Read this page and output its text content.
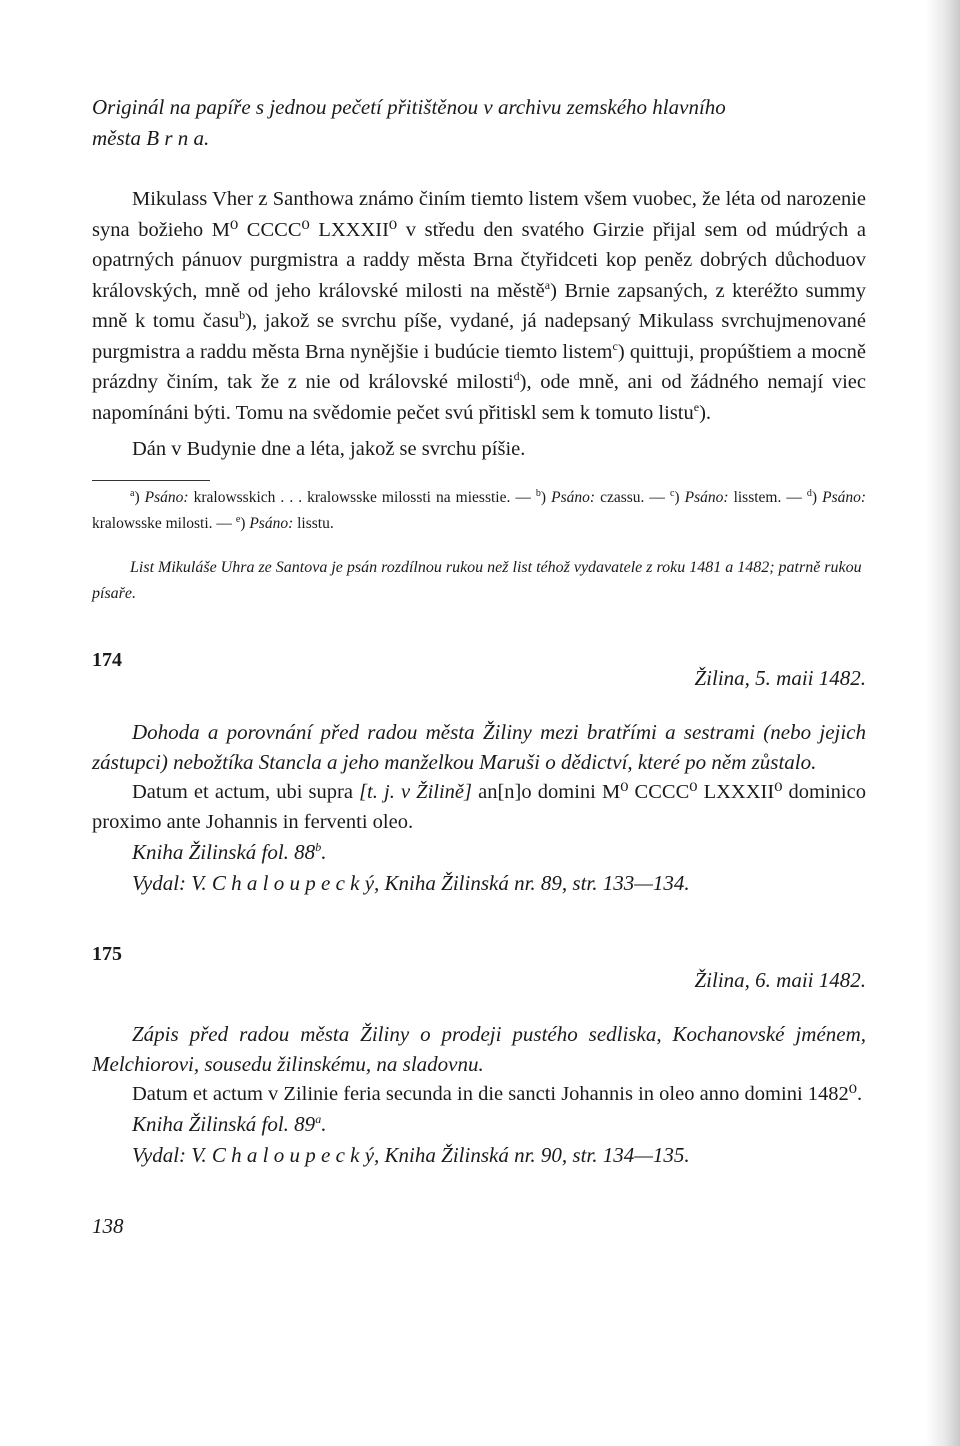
Originál na papíře s jednou pečetí přitištěnou v archivu zemského hlavního
města B r n a.

Mikulass Vher z Santhowa známo činím tiemto listem všem vuobec, že léta od narozenie syna božieho M⁰ CCCC⁰ LXXXII⁰ v středu den svatého Girzie přijal sem od múdrých a opatrných pánuov purgmistra a raddy města Brna čtyřidceti kop peněz dobrých důchoduov královských, mně od jeho královské milosti na městě$^a$) Brnie zapsaných, z kteréžto summy mně k tomu času$^b$), jakož se svrchu píše, vydané, já nadepsaný Mikulass svrchujmenované purgmistra a raddu města Brna nynějšie i budúcie tiemto listem$^c$) quittuji, propúštiem a mocně prázdny činím, tak že z nie od královské milosti$^d$), ode mně, ani od žádného nemají viec napomínáni býti. Tomu na svědomie pečet svú přitiskl sem k tomuto listu$^e$).

Dán v Budynie dne a léta, jakož se svrchu píšie.

$^a$) Psáno: kralowsskich . . . kralowsske milossti na miesstie. — $^b$) Psáno: czassu. — $^c$) Psáno: lisstem. — $^d$) Psáno: kralowsske milosti. — $^e$) Psáno: lisstu.

List Mikuláše Uhra ze Santova je psán rozdílnou rukou než list téhož vydavatele z roku 1481 a 1482; patrně rukou písaře.

174

Žilina, 5. maii 1482.

Dohoda a porovnání před radou města Žiliny mezi bratřími a sestrami (nebo jejich zástupci) nebožtíka Stancla a jeho manželkou Maruši o dědictví, které po něm zůstalo.

Datum et actum, ubi supra [t. j. v Žilině] an[n]o domini M⁰ CCCC⁰ LXXXII⁰ dominico proximo ante Johannis in ferventi oleo.

Kniha Žilinská fol. 88$^b$.

Vydal: V. C h a l o u p e c k ý, Kniha Žilinská nr. 89, str. 133—134.

175

Žilina, 6. maii 1482.

Zápis před radou města Žiliny o prodeji pustého sedliska, Kochanovské jménem, Melchiorovi, sousedu žilinskému, na sladovnu.

Datum et actum v Zilinie feria secunda in die sancti Johannis in oleo anno domini 1482⁰.

Kniha Žilinská fol. 89$^a$.

Vydal: V. C h a l o u p e c k ý, Kniha Žilinská nr. 90, str. 134—135.

138
